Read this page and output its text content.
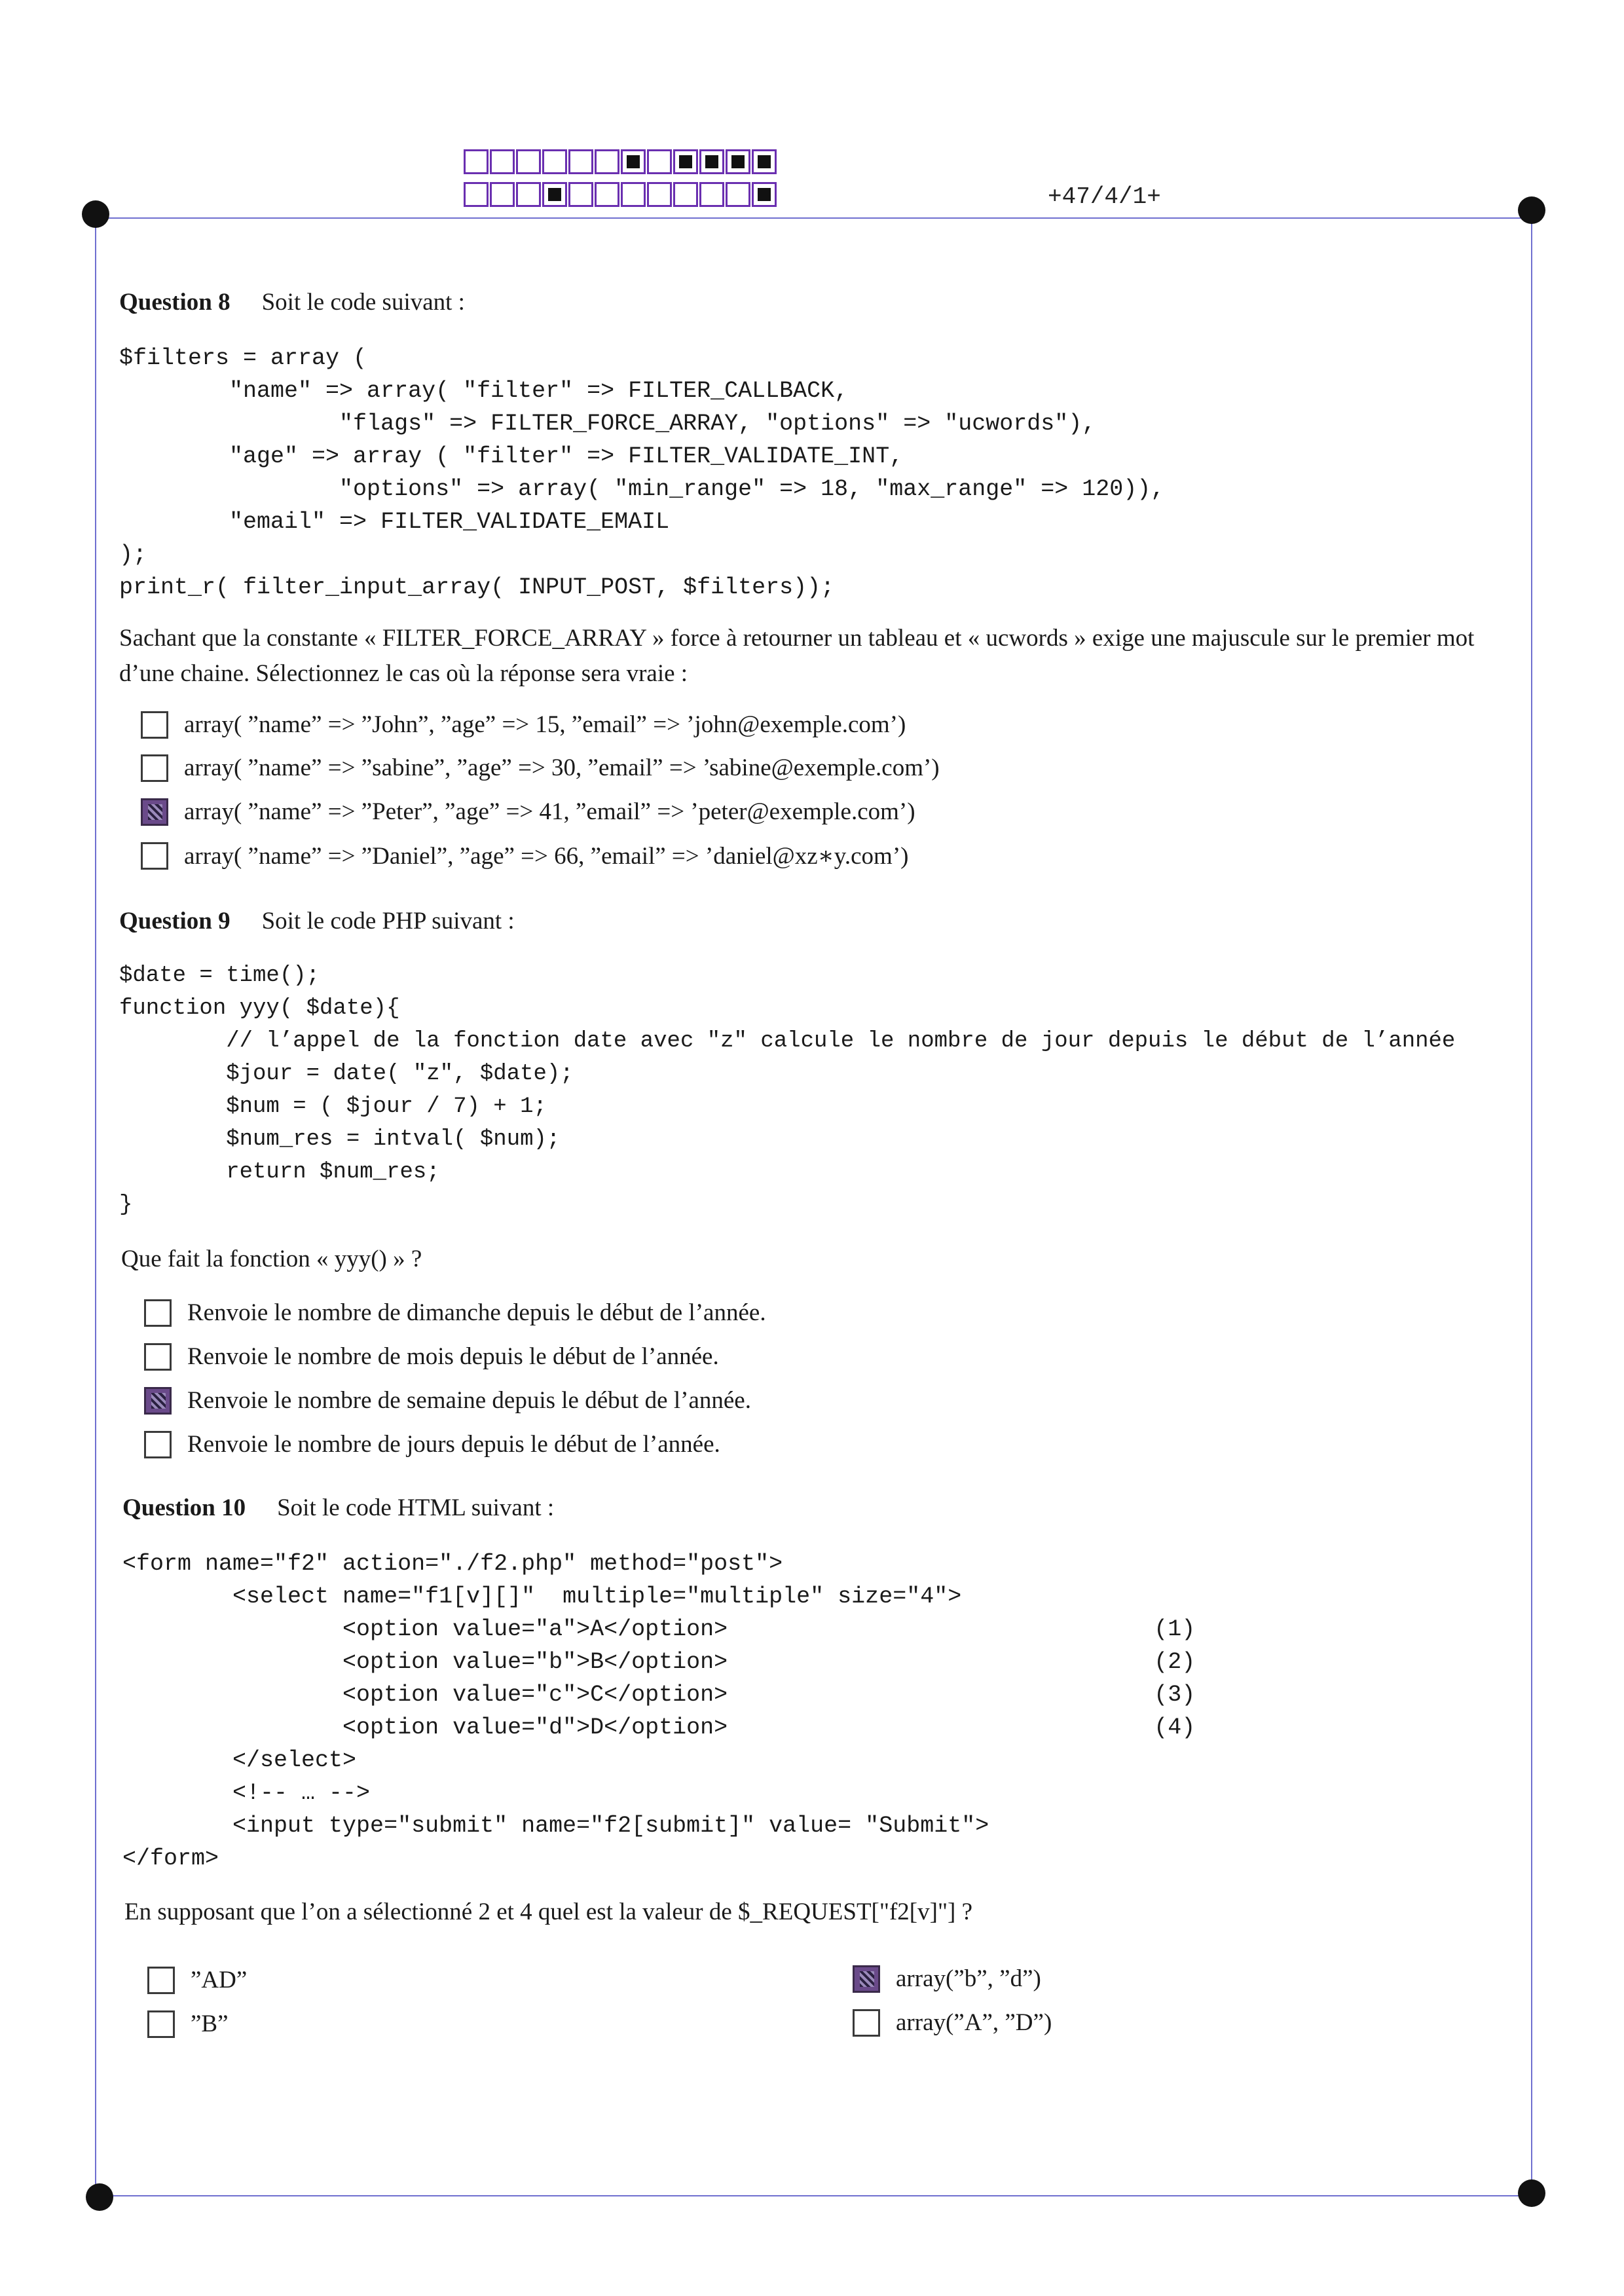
+47/4/1+
Question 8 Soit le code suivant :
$filters = array (
"name" => array( "filter" => FILTER_CALLBACK,
"flags" => FILTER_FORCE_ARRAY, "options" => "ucwords"),
"age" => array ( "filter" => FILTER_VALIDATE_INT,
"options" => array( "min_range" => 18, "max_range" => 120)),
"email" => FILTER_VALIDATE_EMAIL
);
print_r( filter_input_array( INPUT_POST, $filters));
Sachant que la constante « FILTER_FORCE_ARRAY » force à retourner un tableau et « ucwords » exige une majuscule sur le premier mot d’une chaine. Sélectionnez le cas où la réponse sera vraie :
array( ”name” => ”John”, ”age” => 15, ”email” => ’john@exemple.com’)
array( ”name” => ”sabine”, ”age” => 30, ”email” => ’sabine@exemple.com’)
array( ”name” => ”Peter”, ”age” => 41, ”email” => ’peter@exemple.com’)
array( ”name” => ”Daniel”, ”age” => 66, ”email” => ’daniel@xz∗y.com’)
Question 9 Soit le code PHP suivant :
$date = time();
function yyy( $date){
// l’appel de la fonction date avec "z" calcule le nombre de jour depuis le début de l’année
$jour = date( "z", $date);
$num = ( $jour / 7) + 1;
$num_res = intval( $num);
return $num_res;
}
Que fait la fonction « yyy() » ?
Renvoie le nombre de dimanche depuis le début de l’année.
Renvoie le nombre de mois depuis le début de l’année.
Renvoie le nombre de semaine depuis le début de l’année.
Renvoie le nombre de jours depuis le début de l’année.
Question 10 Soit le code HTML suivant :
<form name="f2" action="./f2.php" method="post">
<select name="f1[v][]"  multiple="multiple" size="4">
<option value="a">A</option>                               (1)
<option value="b">B</option>                               (2)
<option value="c">C</option>                               (3)
<option value="d">D</option>                               (4)
</select>
<!-- … -->
<input type="submit" name="f2[submit]" value= "Submit">
</form>
En supposant que l’on a sélectionné 2 et 4 quel est la valeur de $_REQUEST["f2[v]"] ?
”AD”
”B”
array(”b”, ”d”)
array(”A”, ”D”)
